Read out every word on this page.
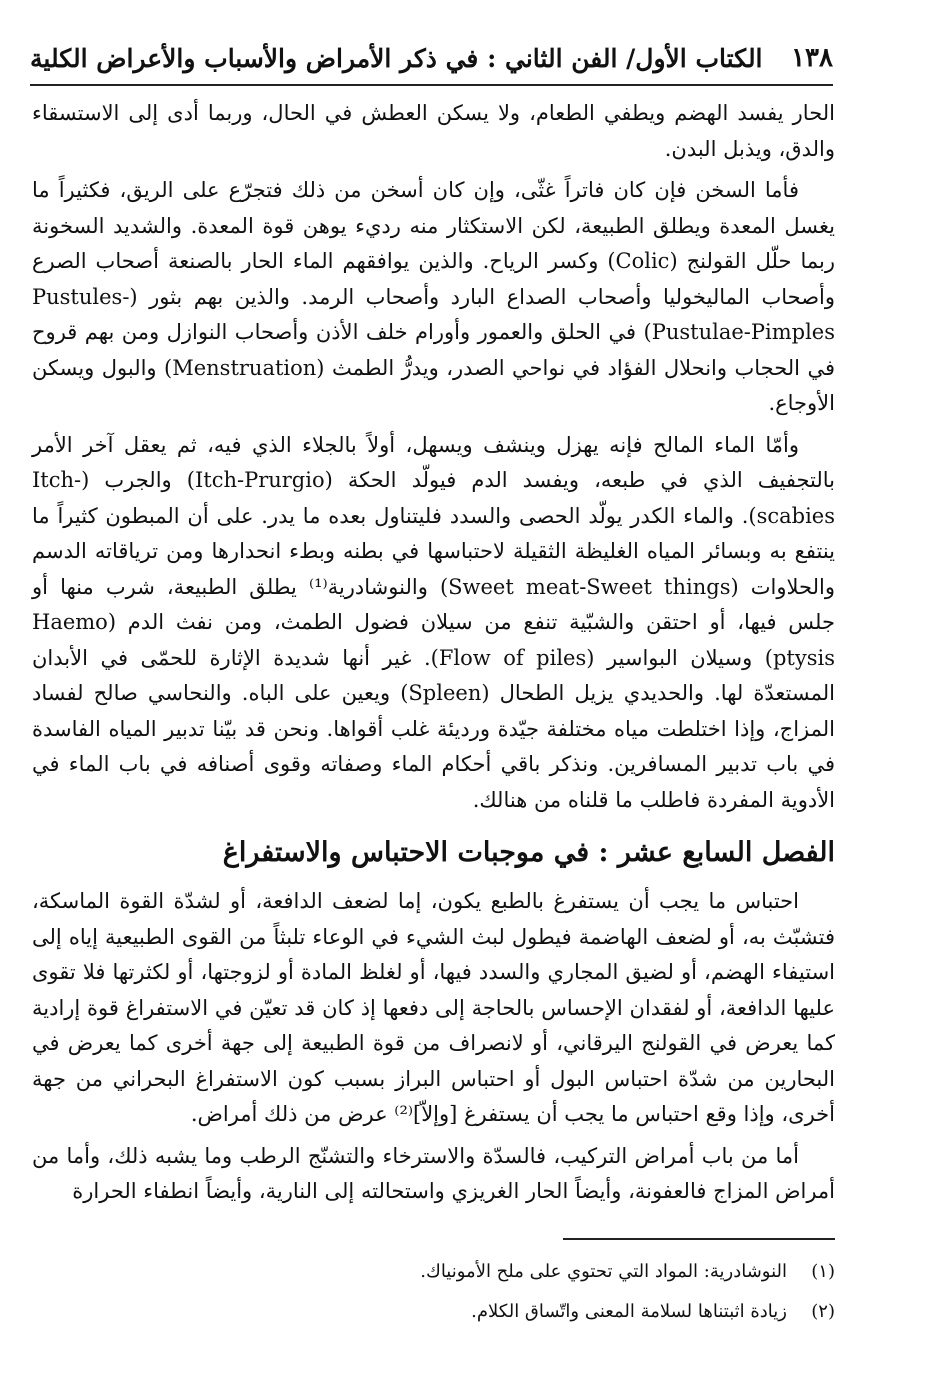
الكتاب الأول/ الفن الثاني : في ذكر الأمراض والأسباب والأعراض الكلية ١٣٨

الحار يفسد الهضم ويطفي الطعام، ولا يسكن العطش في الحال، وربما أدى إلى الاستسقاء والدق، ويذبل البدن.

فأما السخن فإن كان فاتراً غثّى، وإن كان أسخن من ذلك فتجرّع على الريق، فكثيراً ما يغسل المعدة ويطلق الطبيعة، لكن الاستكثار منه رديء يوهن قوة المعدة. والشديد السخونة ربما حلّل القولنج (Colic) وكسر الرياح. والذين يوافقهم الماء الحار بالصنعة أصحاب الصرع وأصحاب الماليخوليا وأصحاب الصداع البارد وأصحاب الرمد. والذين بهم بثور (Pustules-Pustulae-Pimples) في الحلق والعمور وأورام خلف الأذن وأصحاب النوازل ومن بهم قروح في الحجاب وانحلال الفؤاد في نواحي الصدر، ويدرُّ الطمث (Menstruation) والبول ويسكن الأوجاع.

وأمّا الماء المالح فإنه يهزل وينشف ويسهل، أولاً بالجلاء الذي فيه، ثم يعقل آخر الأمر بالتجفيف الذي في طبعه، ويفسد الدم فيولّد الحكة (Itch-Prurgio) والجرب (Itch-scabies). والماء الكدر يولّد الحصى والسدد فليتناول بعده ما يدر. على أن المبطون كثيراً ما ينتفع به وبسائر المياه الغليظة الثقيلة لاحتباسها في بطنه وبطء انحدارها ومن ترياقاته الدسم والحلاوات (Sweet meat-Sweet things) والنوشادرية⁽¹⁾ يطلق الطبيعة، شرب منها أو جلس فيها، أو احتقن والشبّية تنفع من سيلان فضول الطمث، ومن نفث الدم (Haemo ptysis) وسيلان البواسير (Flow of piles). غير أنها شديدة الإثارة للحمّى في الأبدان المستعدّة لها. والحديدي يزيل الطحال (Spleen) ويعين على الباه. والنحاسي صالح لفساد المزاج، وإذا اختلطت مياه مختلفة جيّدة ورديئة غلب أقواها. ونحن قد بيّنا تدبير المياه الفاسدة في باب تدبير المسافرين. ونذكر باقي أحكام الماء وصفاته وقوى أصنافه في باب الماء في الأدوية المفردة فاطلب ما قلناه من هنالك.

الفصل السابع عشر : في موجبات الاحتباس والاستفراغ

احتباس ما يجب أن يستفرغ بالطبع يكون، إما لضعف الدافعة، أو لشدّة القوة الماسكة، فتشبّث به، أو لضعف الهاضمة فيطول لبث الشيء في الوعاء تلبثاً من القوى الطبيعية إياه إلى استيفاء الهضم، أو لضيق المجاري والسدد فيها، أو لغلظ المادة أو لزوجتها، أو لكثرتها فلا تقوى عليها الدافعة، أو لفقدان الإحساس بالحاجة إلى دفعها إذ كان قد تعيّن في الاستفراغ قوة إرادية كما يعرض في القولنج اليرقاني، أو لانصراف من قوة الطبيعة إلى جهة أخرى كما يعرض في البحارين من شدّة احتباس البول أو احتباس البراز بسبب كون الاستفراغ البحراني من جهة أخرى، وإذا وقع احتباس ما يجب أن يستفرغ [وإلاّ]⁽²⁾ عرض من ذلك أمراض.

أما من باب أمراض التركيب، فالسدّة والاسترخاء والتشنّج الرطب وما يشبه ذلك، وأما من أمراض المزاج فالعفونة، وأيضاً الحار الغريزي واستحالته إلى النارية، وأيضاً انطفاء الحرارة

(١)
النوشادرية: المواد التي تحتوي على ملح الأمونياك.
(٢)
زيادة اثبتناها لسلامة المعنى واتّساق الكلام.
